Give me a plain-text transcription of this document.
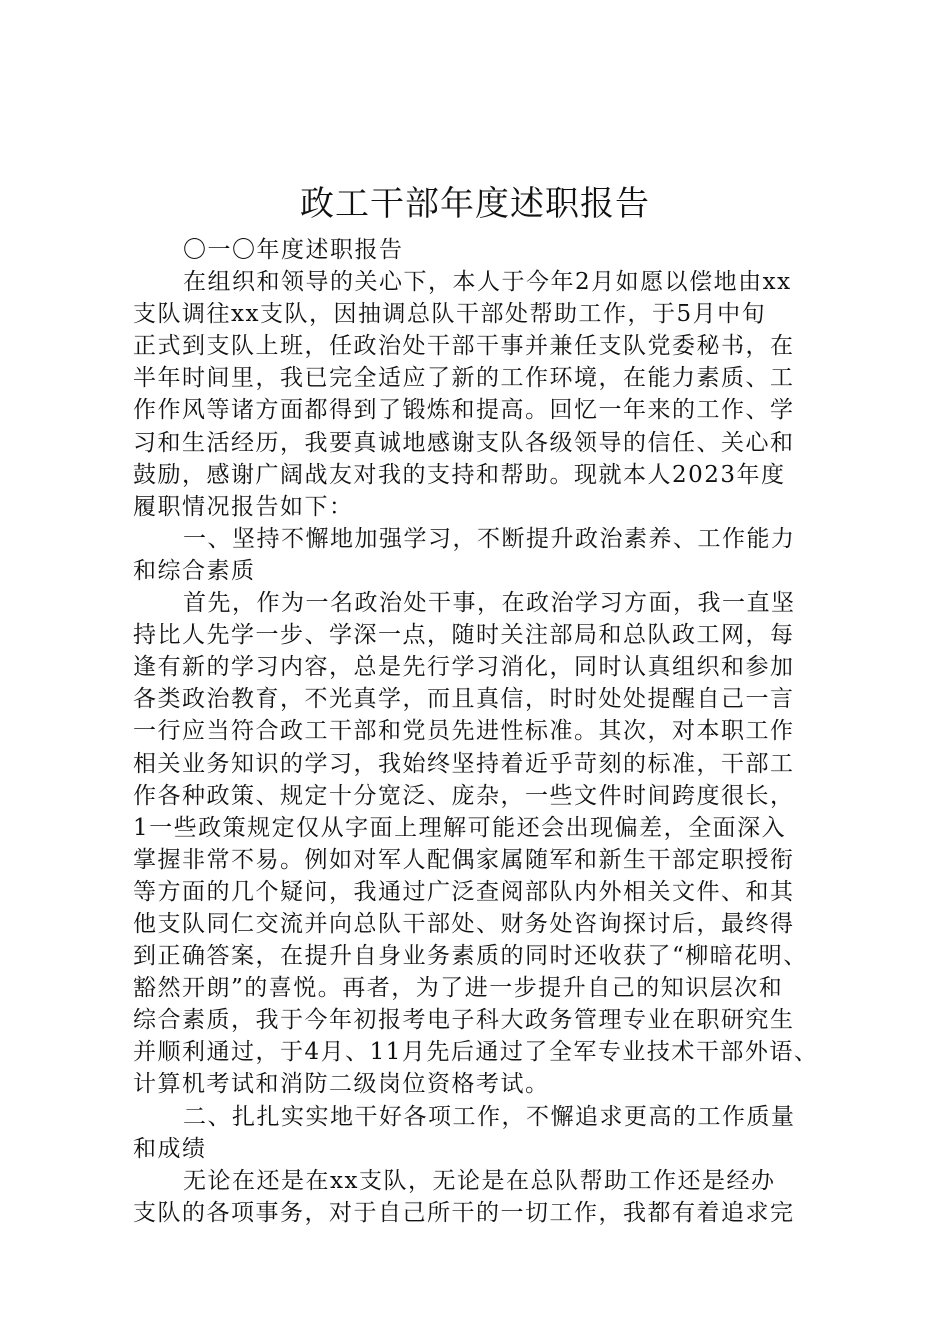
政工干部年度述职报告
〇一〇年度述职报告
在组织和领导的关心下，本人于今年2月如愿以偿地由xx
支队调往xx支队，因抽调总队干部处帮助工作，于5月中旬
正式到支队上班，任政治处干部干事并兼任支队党委秘书，在
半年时间里，我已完全适应了新的工作环境，在能力素质、工
作作风等诸方面都得到了锻炼和提高。回忆一年来的工作、学
习和生活经历，我要真诚地感谢支队各级领导的信任、关心和
鼓励，感谢广阔战友对我的支持和帮助。现就本人2023年度
履职情况报告如下：
一、坚持不懈地加强学习，不断提升政治素养、工作能力
和综合素质
首先，作为一名政治处干事，在政治学习方面，我一直坚
持比人先学一步、学深一点，随时关注部局和总队政工网，每
逢有新的学习内容，总是先行学习消化，同时认真组织和参加
各类政治教育，不光真学，而且真信，时时处处提醒自己一言
一行应当符合政工干部和党员先进性标准。其次，对本职工作
相关业务知识的学习，我始终坚持着近乎苛刻的标准，干部工
作各种政策、规定十分宽泛、庞杂，一些文件时间跨度很长，
1一些政策规定仅从字面上理解可能还会出现偏差，全面深入
掌握非常不易。例如对军人配偶家属随军和新生干部定职授衔
等方面的几个疑问，我通过广泛查阅部队内外相关文件、和其
他支队同仁交流并向总队干部处、财务处咨询探讨后，最终得
到正确答案，在提升自身业务素质的同时还收获了“柳暗花明、
豁然开朗”的喜悦。再者，为了进一步提升自己的知识层次和
综合素质，我于今年初报考电子科大政务管理专业在职研究生
并顺利通过，于4月、11月先后通过了全军专业技术干部外语、
计算机考试和消防二级岗位资格考试。
二、扎扎实实地干好各项工作，不懈追求更高的工作质量
和成绩
无论在还是在xx支队，无论是在总队帮助工作还是经办
支队的各项事务，对于自己所干的一切工作，我都有着追求完
